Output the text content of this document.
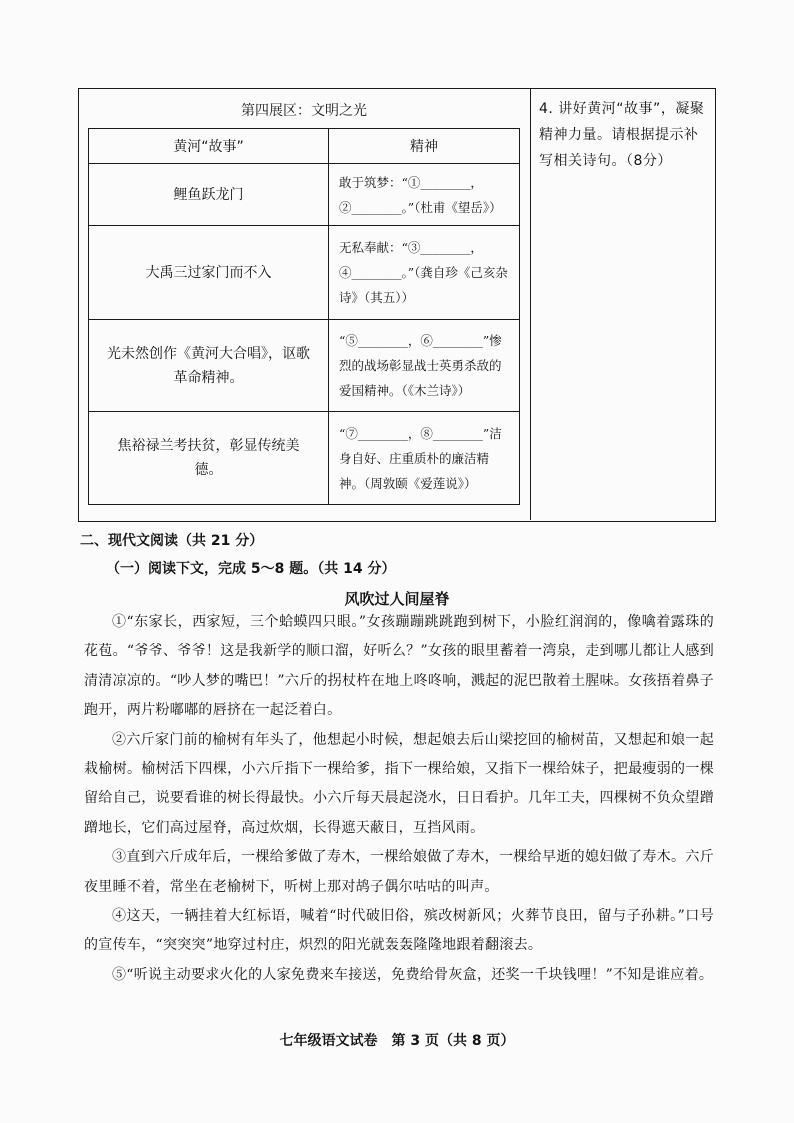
第四展区：文明之光
黄河“故事”	精神
鲤鱼跃龙门	敢于筑梦：“①________，②________。”（杜甫《望岳》）
大禹三过家门而不入	无私奉献：“③________，④________。”（龚自珍《己亥杂诗》（其五））
光未然创作《黄河大合唱》，讴歌革命精神。	“⑤________，⑥________”惨烈的战场彰显战士英勇杀敌的爱国精神。（《木兰诗》）
焦裕禄兰考扶贫，彰显传统美德。	“⑦________，⑧________”洁身自好、庄重质朴的廉洁精神。（周敦颐《爱莲说》）
4. 讲好黄河“故事”，凝聚精神力量。请根据提示补写相关诗句。（8分）
二、现代文阅读（共 21 分）
（一）阅读下文，完成 5～8 题。（共 14 分）
风吹过人间屋脊

①“东家长，西家短，三个蛤蟆四只眼。”女孩蹦蹦跳跳跑到树下，小脸红润润的，像噙着露珠的花苞。“爷爷、爷爷！这是我新学的顺口溜，好听么？”女孩的眼里蓄着一湾泉，走到哪儿都让人感到清清凉凉的。“吵人梦的嘴巴！”六斤的拐杖杵在地上咚咚响，溅起的泥巴散着土腥味。女孩捂着鼻子跑开，两片粉嘟嘟的唇挤在一起泛着白。

②六斤家门前的榆树有年头了，他想起小时候，想起娘去后山梁挖回的榆树苗，又想起和娘一起栽榆树。榆树活下四棵，小六斤指下一棵给爹，指下一棵给娘，又指下一棵给妹子，把最瘦弱的一棵留给自己，说要看谁的树长得最快。小六斤每天晨起浇水，日日看护。几年工夫，四棵树不负众望蹭蹭地长，它们高过屋脊，高过炊烟，长得遮天蔽日，互挡风雨。

③直到六斤成年后，一棵给爹做了寿木，一棵给娘做了寿木，一棵给早逝的媳妇做了寿木。六斤夜里睡不着，常坐在老榆树下，听树上那对鸪子偶尔咕咕的叫声。

④这天，一辆挂着大红标语，喊着“时代破旧俗，殡改树新风；火葬节良田，留与子孙耕。”口号的宣传车，“突突突”地穿过村庄，炽烈的阳光就轰轰隆隆地跟着翻滚去。

⑤“听说主动要求火化的人家免费来车接送，免费给骨灰盒，还奖一千块钱哩！”不知是谁应着。

七年级语文试卷　第 3 页（共 8 页）
